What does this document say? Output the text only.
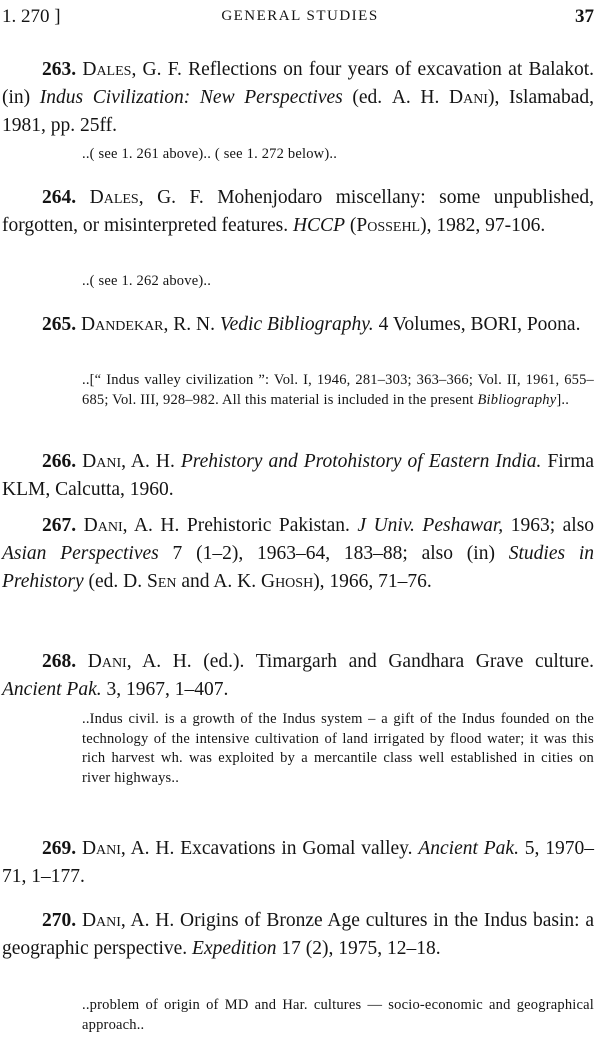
1. 270 ]	GENERAL STUDIES	37
263. Dales, G. F. Reflections on four years of excavation at Balakot. (in) Indus Civilization: New Perspectives (ed. A. H. Dani), Islamabad, 1981, pp. 25ff.
..( see 1. 261 above).. ( see 1. 272 below)..
264. Dales, G. F. Mohenjodaro miscellany: some unpublished, forgotten, or misinterpreted features. HCCP (Possehl), 1982, 97-106.
..( see 1. 262 above)..
265. Dandekar, R. N. Vedic Bibliography. 4 Volumes, BORI, Poona.
..[“ Indus valley civilization ”: Vol. I, 1946, 281–303; 363–366; Vol. II, 1961, 655–685; Vol. III, 928–982. All this material is included in the present Bibliography]..
266. Dani, A. H. Prehistory and Protohistory of Eastern India. Firma KLM, Calcutta, 1960.
267. Dani, A. H. Prehistoric Pakistan. J Univ. Peshawar, 1963; also Asian Perspectives 7 (1–2), 1963–64, 183–88; also (in) Studies in Prehistory (ed. D. Sen and A. K. Ghosh), 1966, 71–76.
268. Dani, A. H. (ed.). Timargarh and Gandhara Grave culture. Ancient Pak. 3, 1967, 1–407.
..Indus civil. is a growth of the Indus system – a gift of the Indus founded on the technology of the intensive cultivation of land irrigated by flood water; it was this rich harvest wh. was exploited by a mercantile class well established in cities on river highways..
269. Dani, A. H. Excavations in Gomal valley. Ancient Pak. 5, 1970–71, 1–177.
270. Dani, A. H. Origins of Bronze Age cultures in the Indus basin: a geographic perspective. Expedition 17 (2), 1975, 12–18.
..problem of origin of MD and Har. cultures — socio-economic and geographical approach..
